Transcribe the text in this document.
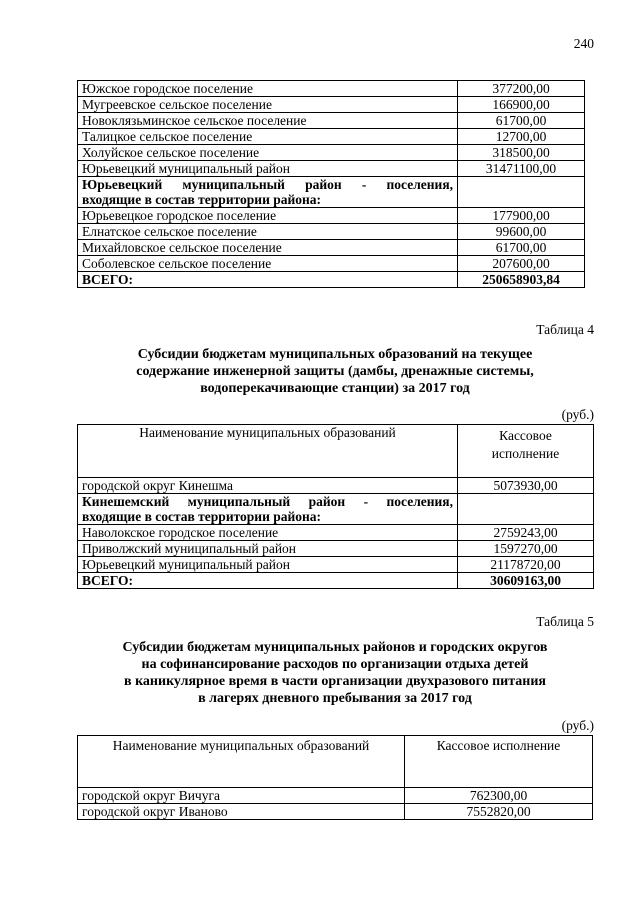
240
Южское городское поселение	377200,00
Мугреевское сельское поселение	166900,00
Новоклязьминское сельское поселение	61700,00
Талицкое сельское поселение	12700,00
Холуйское сельское поселение	318500,00
Юрьевецкий муниципальный район	31471100,00

Юрьевецкий муниципальный район - поселения,
входящие в состав территории района:	

Юрьевецкое городское поселение	177900,00
Елнатское сельское поселение	99600,00
Михайловское сельское поселение	61700,00
Соболевское сельское поселение	207600,00
ВСЕГО:	250658903,84
Таблица 4
Субсидии бюджетам муниципальных образований на текущее
содержание инженерной защиты (дамбы, дренажные системы,
водоперекачивающие станции) за 2017 год
(руб.)
Наименование муниципальных образований	Кассовое
исполнение

городской округ Кинешма	5073930,00

Кинешемский муниципальный район - поселения,
входящие в состав территории района:	

Наволокское городское поселение	2759243,00
Приволжский муниципальный район	1597270,00
Юрьевецкий муниципальный район	21178720,00
ВСЕГО:	30609163,00
Таблица 5
Субсидии бюджетам муниципальных районов и городских округов
на софинансирование расходов по организации отдыха детей
в каникулярное время в части организации двухразового питания
в лагерях дневного пребывания за 2017 год
(руб.)
Наименование муниципальных образований	Кассовое исполнение
городской округ Вичуга	762300,00
городской округ Иваново	7552820,00
